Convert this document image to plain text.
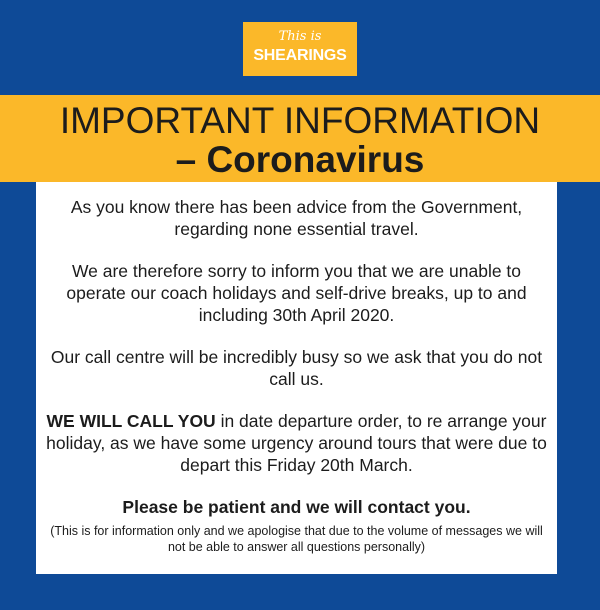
This is
SHEARINGS
IMPORTANT INFORMATION
– Coronavirus

As you know there has been advice from the Government, regarding none essential travel.

We are therefore sorry to inform you that we are unable to operate our coach holidays and self-drive breaks, up to and including 30th April 2020.

Our call centre will be incredibly busy so we ask that you do not call us.

WE WILL CALL YOU in date departure order, to re arrange your holiday, as we have some urgency around tours that were due to depart this Friday 20th March.

Please be patient and we will contact you.

(This is for information only and we apologise that due to the volume of messages we will not be able to answer all questions personally)
